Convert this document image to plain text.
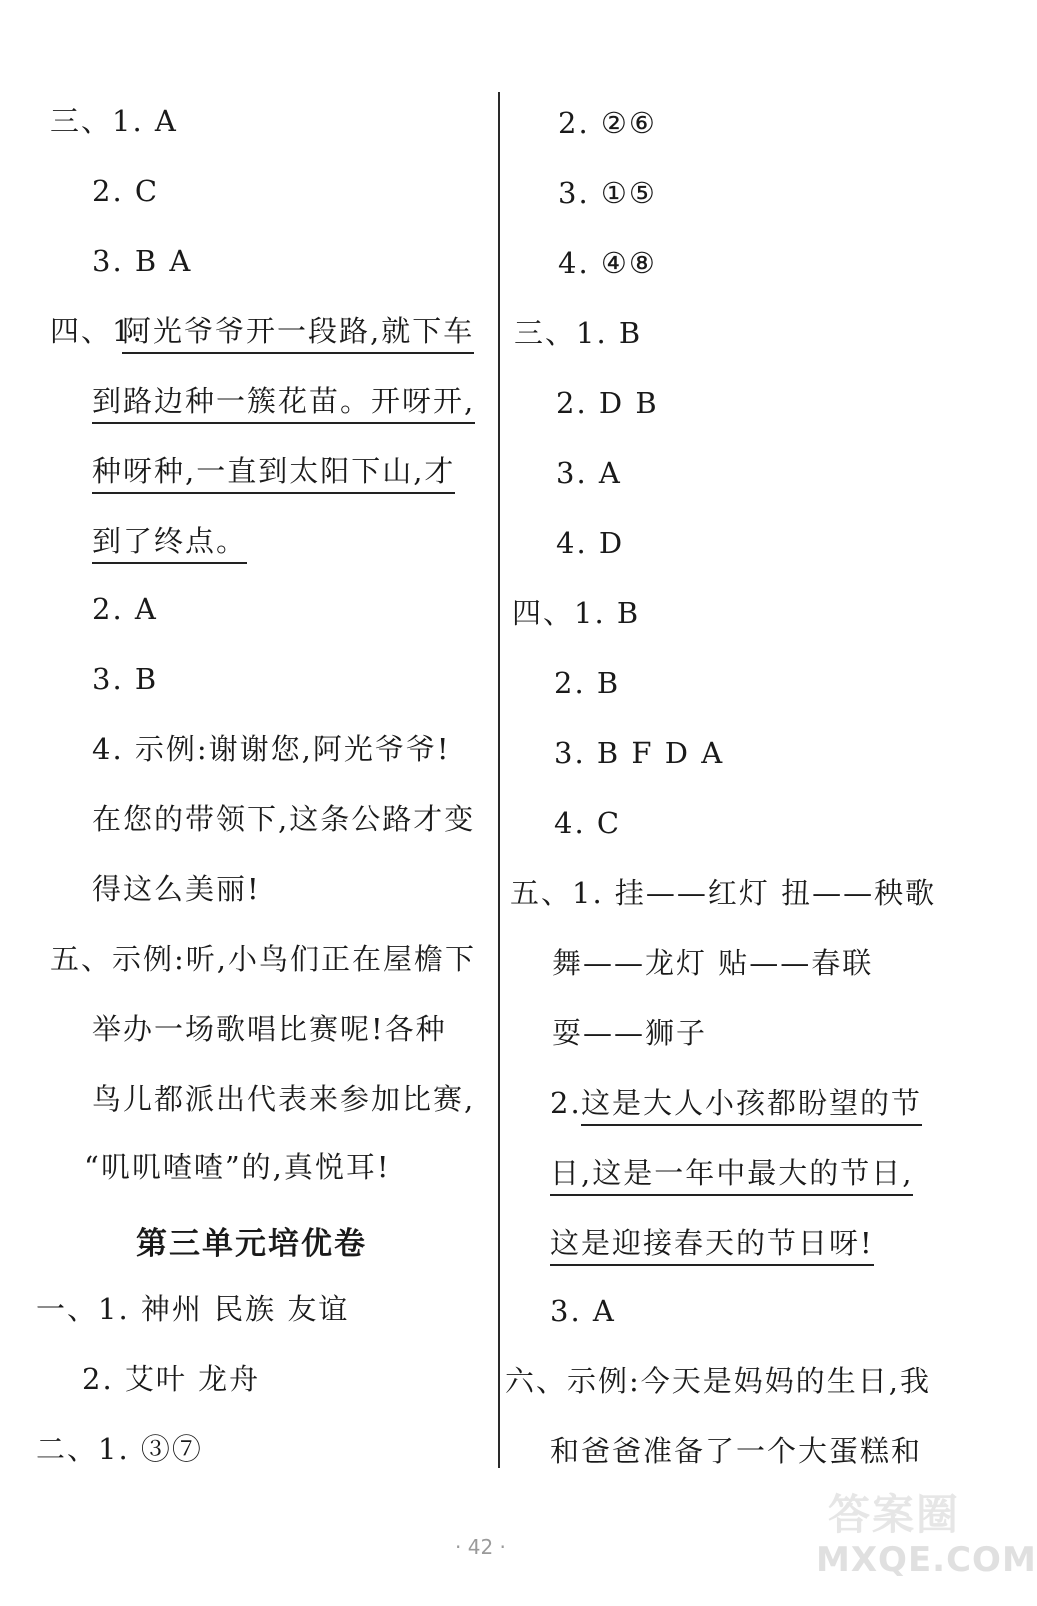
三、1. A
2. C
3. B A
四、1.
阿光爷爷开一段路,就下车
到路边种一簇花苗。开呀开,
种呀种,一直到太阳下山,才
到了终点。
2. A
3. B
4. 示例:谢谢您,阿光爷爷!
在您的带领下,这条公路才变
得这么美丽!
五、示例:听,小鸟们正在屋檐下
举办一场歌唱比赛呢!各种
鸟儿都派出代表来参加比赛,
“叽叽喳喳”的,真悦耳!
第三单元培优卷
一、1. 神州 民族 友谊
2. 艾叶 龙舟
二、1. ③⑦
2. ②⑥
3. ①⑤
4. ④⑧
三、1. B
2. D B
3. A
4. D
四、1. B
2. B
3. B F D A
4. C
五、1. 挂——红灯 扭——秧歌
舞——龙灯 贴——春联
耍——狮子
2. 这是大人小孩都盼望的节
日,这是一年中最大的节日,
这是迎接春天的节日呀!
3. A
六、示例:今天是妈妈的生日,我
和爸爸准备了一个大蛋糕和
· 42 ·
答案圈
MXQE.COM
